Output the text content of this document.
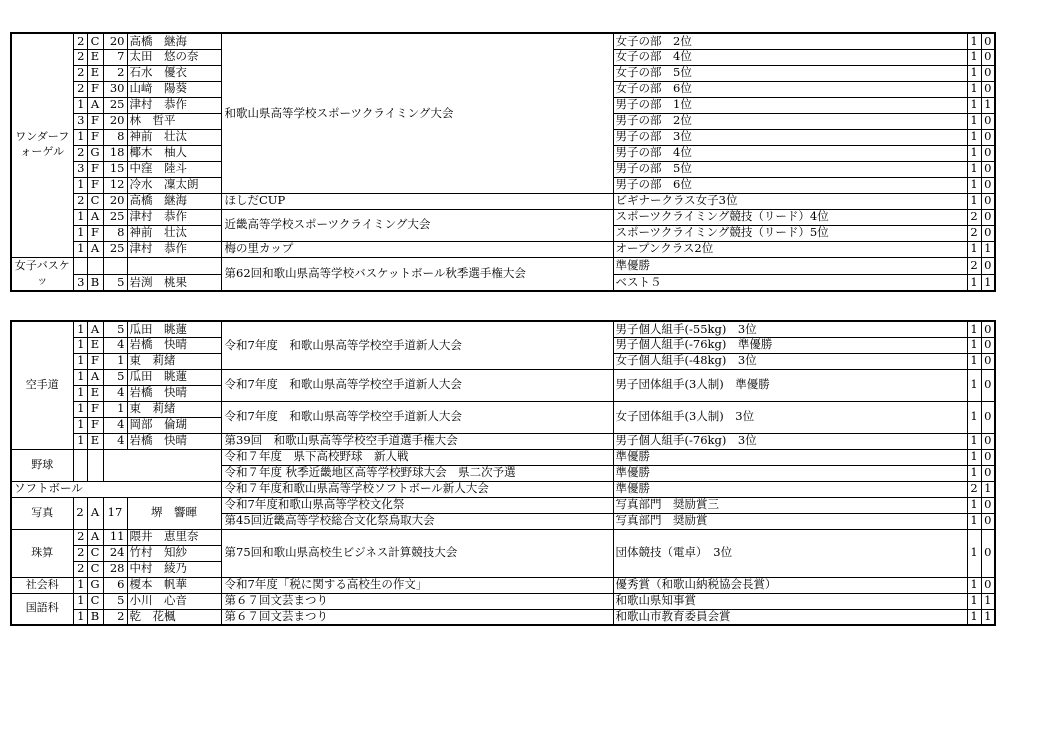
ワンダーフォーゲル	2	C	20	高橋　継海	和歌山県高等学校スポーツクライミング大会	女子の部　2位	1	0
	2	E	7	太田　悠の奈		女子の部　4位	1	0
	2	E	2	石水　優衣		女子の部　5位	1	0
	2	F	30	山﨑　陽葵		女子の部　6位	1	0
	1	A	25	津村　恭作		男子の部　1位	1	1
	3	F	20	林　哲平		男子の部　2位	1	0
	1	F	8	神前　壮汰		男子の部　3位	1	0
	2	G	18	椰木　柚人		男子の部　4位	1	0
	3	F	15	中窪　陸斗		男子の部　5位	1	0
	1	F	12	冷水　凜太朗		男子の部　6位	1	0
	2	C	20	高橋　継海	ほしだCUP	ビギナークラス女子3位	1	0
	1	A	25	津村　恭作	近畿高等学校スポーツクライミング大会	スポーツクライミング競技（リード）4位	2	0
	1	F	8	神前　壮汰		スポーツクライミング競技（リード）5位	2	0
	1	A	25	津村　恭作	梅の里カップ	オープンクラス2位	1	1
女子バスケッ					第62回和歌山県高等学校バスケットボール秋季選手権大会	準優勝	2	0
	3	B	5	岩渕　桃果		ベスト５	1	1
空手道	1	A	5	瓜田　眺蓮	令和7年度　和歌山県高等学校空手道新人大会	男子個人組手(-55kg)　3位	1	0
	1	E	4	岩橋　快晴		男子個人組手(-76kg)　準優勝	1	0
	1	F	1	東　莉緒		女子個人組手(-48kg)　3位	1	0
	1	A	5	瓜田　眺蓮	令和7年度　和歌山県高等学校空手道新人大会	男子団体組手(3人制)　準優勝	1	0
	1	E	4	岩橋　快晴				
	1	F	1	東　莉緒	令和7年度　和歌山県高等学校空手道新人大会	女子団体組手(3人制)　3位	1	0
	1	F	4	岡部　倫瑚				
	1	E	4	岩橋　快晴	第39回　和歌山県高等学校空手道選手権大会	男子個人組手(-76kg)　3位	1	0
野球					令和７年度　県下高校野球　新人戦	準優勝	1	0
					令和７年度 秋季近畿地区高等学校野球大会　県二次予選	準優勝	1	0
ソフトボール					令和７年度和歌山県高等学校ソフトボール新人大会	準優勝	2	1
写真	2	A	17	堺　響暉	令和7年度和歌山県高等学校文化祭	写真部門　奨励賞三	1	0
					第45回近畿高等学校総合文化祭鳥取大会	写真部門　奨励賞	1	0
珠算	2	A	11	隈井　恵里奈	第75回和歌山県高校生ビジネス計算競技大会	団体競技（電卓）　3位	1	0
	2	C	24	竹村　知紗				
	2	C	28	中村　綾乃				
社会科	1	G	6	榎本　帆華	令和7年度「税に関する高校生の作文」	優秀賞（和歌山納税協会長賞）	1	0
国語科	1	C	5	小川　心音	第６７回文芸まつり	和歌山県知事賞	1	1
	1	B	2	乾　花楓	第６７回文芸まつり	和歌山市教育委員会賞	1	1
